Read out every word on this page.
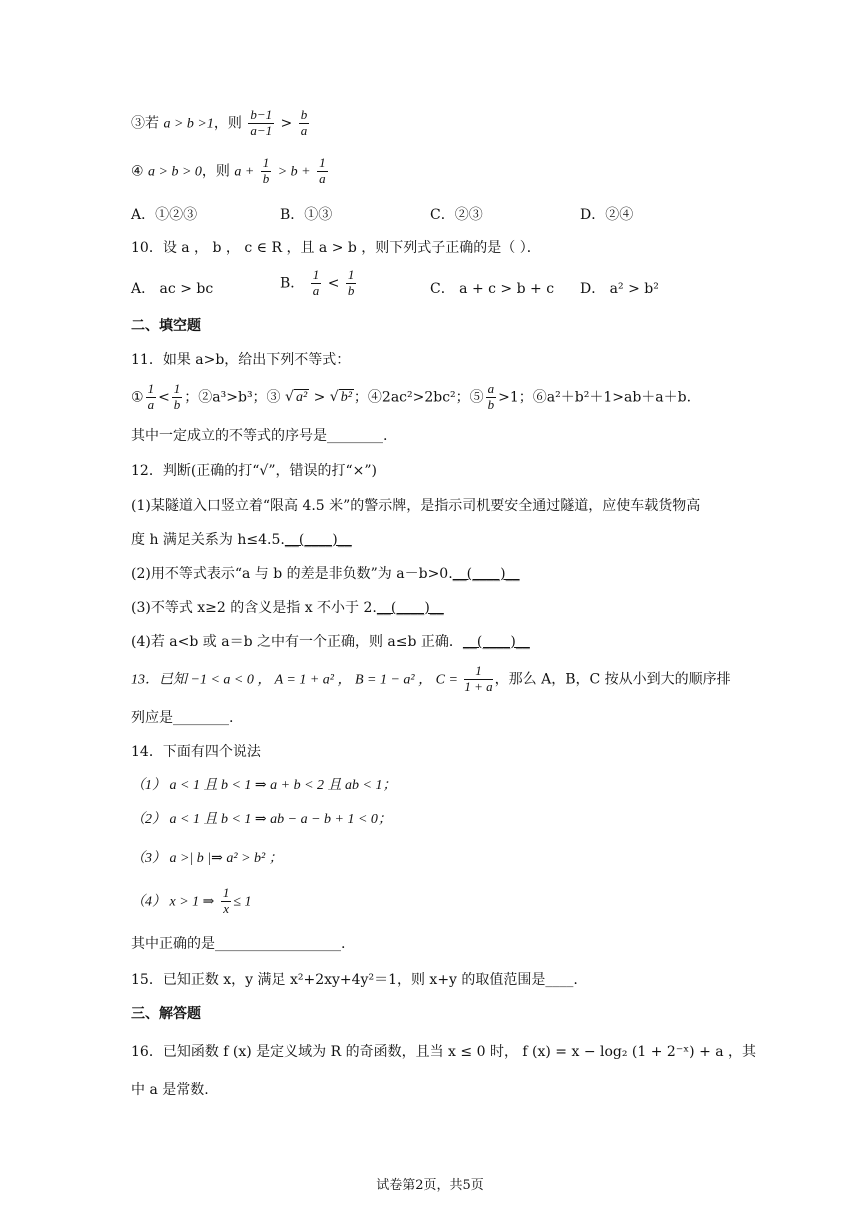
③若 a > b >1，则 $\frac{b-1}{a-1} > \frac{b}{a}$
④ a > b > 0，则 $a + \frac{1}{b} > b + \frac{1}{a}$
A．①②③	B．①③	C．②③	D．②④
10．设 a ， b ， c ∈ R ，且 a > b ，则下列式子正确的是（ ）．
A． ac > bc	B． $\frac{1}{a} < \frac{1}{b}$	C． a + c > b + c D． a² > b²
二、填空题
11．如果 a>b，给出下列不等式：
① $\frac{1}{a} < \frac{1}{b}$ ；②a³>b³；③ √ a² > √ b² ；④2ac²>2bc²；⑤ $\frac{a}{b} >1$；⑥a²＋b²＋1>ab＋a＋b.
其中一定成立的不等式的序号是________.
12．判断(正确的打“√”，错误的打“×”)
(1)某隧道入口竖立着“限高 4.5 米”的警示牌，是指示司机要安全通过隧道，应使车载货物高
度 h 满足关系为 h≤4.5.__(____)__
(2)用不等式表示“a 与 b 的差是非负数”为 a－b>0.__(____)__
(3)不等式 x≥2 的含义是指 x 不小于 2.__(____)__
(4)若 a<b 或 a＝b 之中有一个正确，则 a≤b 正确．__(____)__
13．已知 −1 < a < 0 ， A = 1 + a² ， B = 1 − a² ， $C = \frac{1}{1 + a}$ ，那么 A，B，C 按从小到大的顺序排
列应是________.
14．下面有四个说法
（1） a < 1 且 b < 1 ⇒ a + b < 2 且 ab < 1；
（2） a < 1 且 b < 1 ⇒ ab − a − b + 1 < 0；
（3） a >| b |⇒ a² > b² ；
（4） x > 1 ⇒ $\frac{1}{x} \le 1$
其中正确的是__________________.
15．已知正数 x，y 满足 x²+2xy+4y²＝1，则 x+y 的取值范围是____.
三、解答题
16．已知函数 f (x) 是定义域为 R 的奇函数，且当 x ≤ 0 时， f (x) = x − log₂ (1 + 2⁻ˣ) + a ，其
中 a 是常数.
试卷第2页，共5页
